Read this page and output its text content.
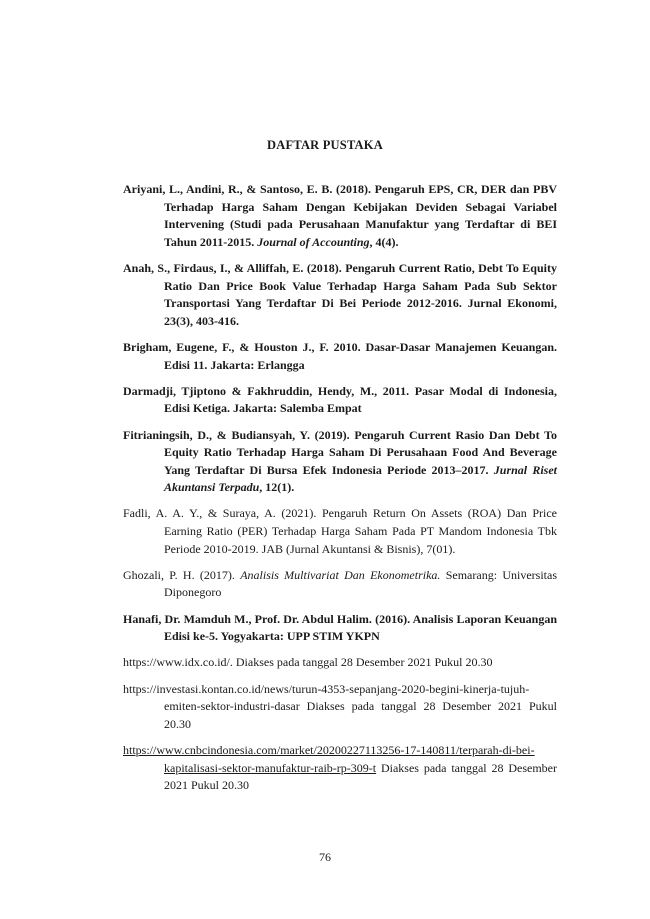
DAFTAR PUSTAKA

Ariyani, L., Andini, R., & Santoso, E. B. (2018). Pengaruh EPS, CR, DER dan PBV Terhadap Harga Saham Dengan Kebijakan Deviden Sebagai Variabel Intervening (Studi pada Perusahaan Manufaktur yang Terdaftar di BEI Tahun 2011-2015. Journal of Accounting, 4(4).

Anah, S., Firdaus, I., & Alliffah, E. (2018). Pengaruh Current Ratio, Debt To Equity Ratio Dan Price Book Value Terhadap Harga Saham Pada Sub Sektor Transportasi Yang Terdaftar Di Bei Periode 2012-2016. Jurnal Ekonomi, 23(3), 403-416.

Brigham, Eugene, F., & Houston J., F. 2010. Dasar-Dasar Manajemen Keuangan. Edisi 11. Jakarta: Erlangga

Darmadji, Tjiptono & Fakhruddin, Hendy, M., 2011. Pasar Modal di Indonesia, Edisi Ketiga. Jakarta: Salemba Empat

Fitrianingsih, D., & Budiansyah, Y. (2019). Pengaruh Current Rasio Dan Debt To Equity Ratio Terhadap Harga Saham Di Perusahaan Food And Beverage Yang Terdaftar Di Bursa Efek Indonesia Periode 2013–2017. Jurnal Riset Akuntansi Terpadu, 12(1).

Fadli, A. A. Y., & Suraya, A. (2021). Pengaruh Return On Assets (ROA) Dan Price Earning Ratio (PER) Terhadap Harga Saham Pada PT Mandom Indonesia Tbk Periode 2010-2019. JAB (Jurnal Akuntansi & Bisnis), 7(01).

Ghozali, P. H. (2017). Analisis Multivariat Dan Ekonometrika. Semarang: Universitas Diponegoro

Hanafi, Dr. Mamduh M., Prof. Dr. Abdul Halim. (2016). Analisis Laporan Keuangan Edisi ke-5. Yogyakarta: UPP STIM YKPN

https://www.idx.co.id/. Diakses pada tanggal 28 Desember 2021 Pukul 20.30

https://investasi.kontan.co.id/news/turun-4353-sepanjang-2020-begini-kinerja-tujuh-emiten-sektor-industri-dasar Diakses pada tanggal 28 Desember 2021 Pukul 20.30

https://www.cnbcindonesia.com/market/20200227113256-17-140811/terparah-di-bei-kapitalisasi-sektor-manufaktur-raib-rp-309-t Diakses pada tanggal 28 Desember 2021 Pukul 20.30

76
